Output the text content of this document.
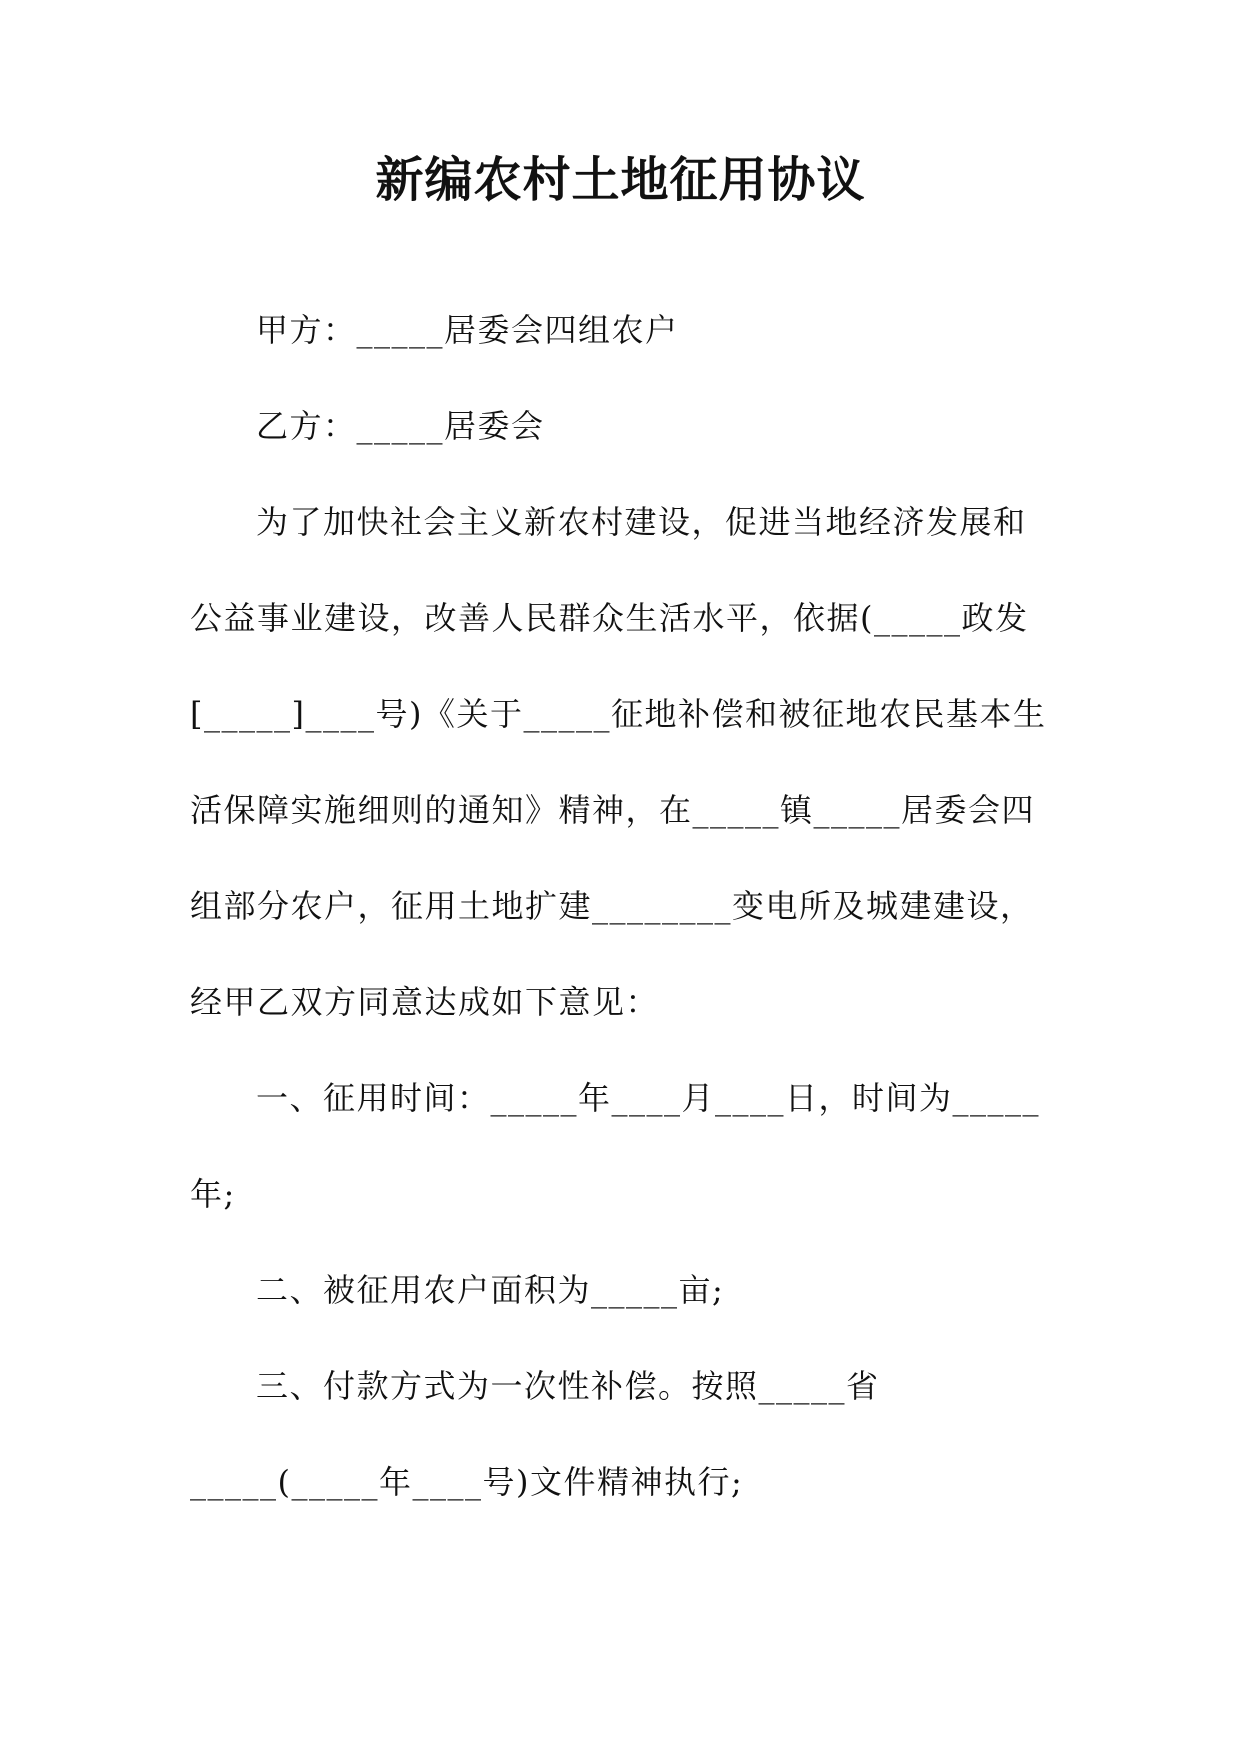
新编农村土地征用协议
甲方：_____居委会四组农户
乙方：_____居委会
为了加快社会主义新农村建设，促进当地经济发展和
公益事业建设，改善人民群众生活水平，依据(_____政发
[_____]____号)《关于_____征地补偿和被征地农民基本生
活保障实施细则的通知》精神，在_____镇_____居委会四
组部分农户，征用土地扩建________变电所及城建建设，
经甲乙双方同意达成如下意见：
一、征用时间：_____年____月____日，时间为_____
年;
二、被征用农户面积为_____亩;
三、付款方式为一次性补偿。按照_____省
_____(_____年____号)文件精神执行;
